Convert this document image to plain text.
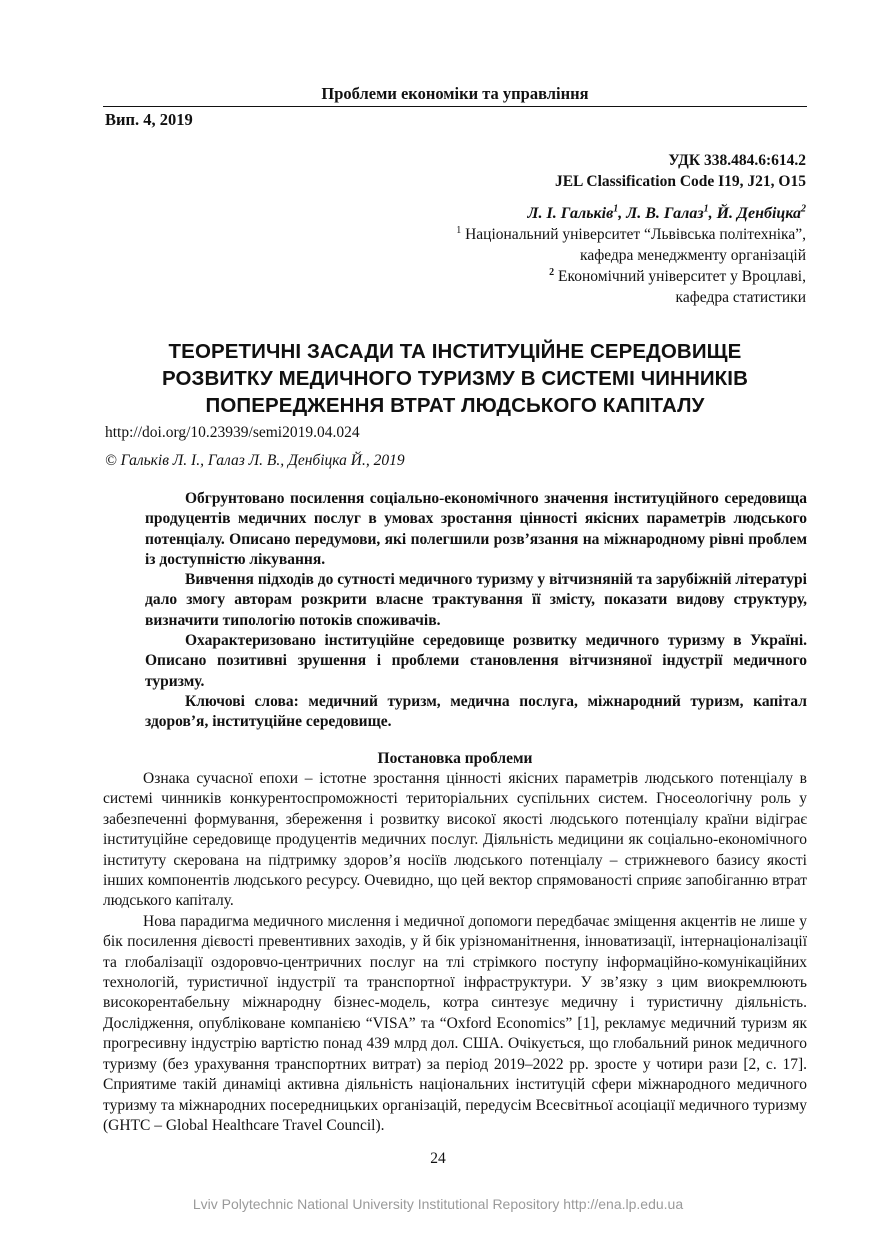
Проблеми економіки та управління
Вип. 4, 2019
УДК 338.484.6:614.2
JEL Classification Code I19, J21, O15
Л. І. Гальків$^1$, Л. В. Галаз$^1$, Й. Денбіцка$^2$
$^1$ Національний університет “Львівська політехніка”,
кафедра менеджменту організацій
$^2$ Економічний університет у Вроцлаві,
кафедра статистики
ТЕОРЕТИЧНІ ЗАСАДИ ТА ІНСТИТУЦІЙНЕ СЕРЕДОВИЩЕ
РОЗВИТКУ МЕДИЧНОГО ТУРИЗМУ В СИСТЕМІ ЧИННИКІВ
ПОПЕРЕДЖЕННЯ ВТРАТ ЛЮДСЬКОГО КАПІТАЛУ
http://doi.org/10.23939/semi2019.04.024
© Гальків Л. І., Галаз Л. В., Денбіцка Й., 2019

Обгрунтовано посилення соціально-економічного значення інституційного середовища продуцентів медичних послуг в умовах зростання цінності якісних параметрів людського потенціалу. Описано передумови, які полегшили розв’язання на міжнародному рівні проблем із доступністю лікування.

Вивчення підходів до сутності медичного туризму у вітчизняній та зарубіжній літературі дало змогу авторам розкрити власне трактування її змісту, показати видову структуру, визначити типологію потоків споживачів.

Охарактеризовано інституційне середовище розвитку медичного туризму в Україні. Описано позитивні зрушення і проблеми становлення вітчизняної індустрії медичного туризму.

Ключові слова: медичний туризм, медична послуга, міжнародний туризм, капітал здоров’я, інституційне середовище.

Постановка проблеми

Ознака сучасної епохи – істотне зростання цінності якісних параметрів людського потенціалу в системі чинників конкурентоспроможності територіальних суспільних систем. Гносеологічну роль у забезпеченні формування, збереження і розвитку високої якості людського потенціалу країни відіграє інституційне середовище продуцентів медичних послуг. Діяльність медицини як соціально-економічного інституту скерована на підтримку здоров’я носіїв людського потенціалу – стрижневого базису якості інших компонентів людського ресурсу. Очевидно, що цей вектор спрямованості сприяє запобіганню втрат людського капіталу.

Нова парадигма медичного мислення і медичної допомоги передбачає зміщення акцентів не лише у бік посилення дієвості превентивних заходів, у й бік урізноманітнення, інноватизації, інтернаціоналізації та глобалізації оздоровчо-центричних послуг на тлі стрімкого поступу інформаційно-комунікаційних технологій, туристичної індустрії та транспортної інфраструктури. У зв’язку з цим виокремлюють високорентабельну міжнародну бізнес-модель, котра синтезує медичну і туристичну діяльність. Дослідження, опубліковане компанією “VISA” та “Oxford Economics” [1], рекламує медичний туризм як прогресивну індустрію вартістю понад 439 млрд дол. США. Очікується, що глобальний ринок медичного туризму (без урахування транспортних витрат) за період 2019–2022 рр. зросте у чотири рази [2, с. 17]. Сприятиме такій динаміці активна діяльність національних інституцій сфери міжнародного медичного туризму та міжнародних посередницьких організацій, передусім Всесвітньої асоціації медичного туризму (GHTC – Global Healthcare Travel Council).

24
Lviv Polytechnic National University Institutional Repository http://ena.lp.edu.ua
